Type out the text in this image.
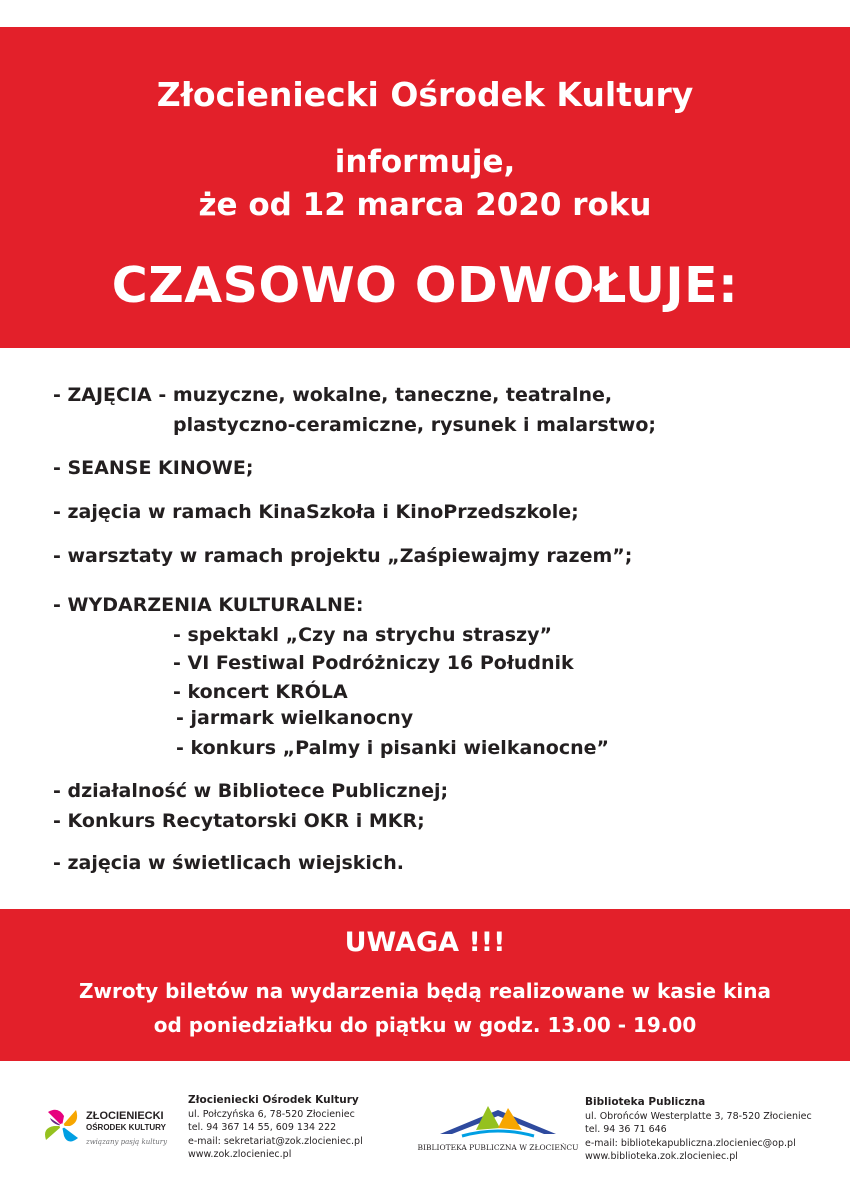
Złocieniecki Ośrodek Kultury
informuje,
że od 12 marca 2020 roku
CZASOWO ODWOŁUJE:
- ZAJĘCIA - muzyczne, wokalne, taneczne, teatralne,
plastyczno-ceramiczne, rysunek i malarstwo;
- SEANSE KINOWE;
- zajęcia w ramach KinaSzkoła i KinoPrzedszkole;
- warsztaty w ramach projektu „Zaśpiewajmy razem”;
- WYDARZENIA KULTURALNE:
- spektakl „Czy na strychu straszy”
- VI Festiwal Podróżniczy 16 Południk
- koncert KRÓLA
- jarmark wielkanocny
- konkurs „Palmy i pisanki wielkanocne”
- działalność w Bibliotece Publicznej;
- Konkurs Recytatorski OKR i MKR;
- zajęcia w świetlicach wiejskich.
UWAGA !!!
Zwroty biletów na wydarzenia będą realizowane w kasie kina
od poniedziałku do piątku w godz. 13.00 - 19.00
ZŁOCIENIECKI
OŚRODEK KULTURY
związany pasją kultury
Złocieniecki Ośrodek Kultury
ul. Połczyńska 6, 78-520 Złocieniec
tel. 94 367 14 55, 609 134 222
e-mail: sekretariat@zok.zlocieniec.pl
www.zok.zlocieniec.pl
BIBLIOTEKA PUBLICZNA W ZŁOCIEŃCU
Biblioteka Publiczna
ul. Obrońców Westerplatte 3, 78-520 Złocieniec
tel. 94 36 71 646
e-mail: bibliotekapubliczna.zlocieniec@op.pl
www.biblioteka.zok.zlocieniec.pl
